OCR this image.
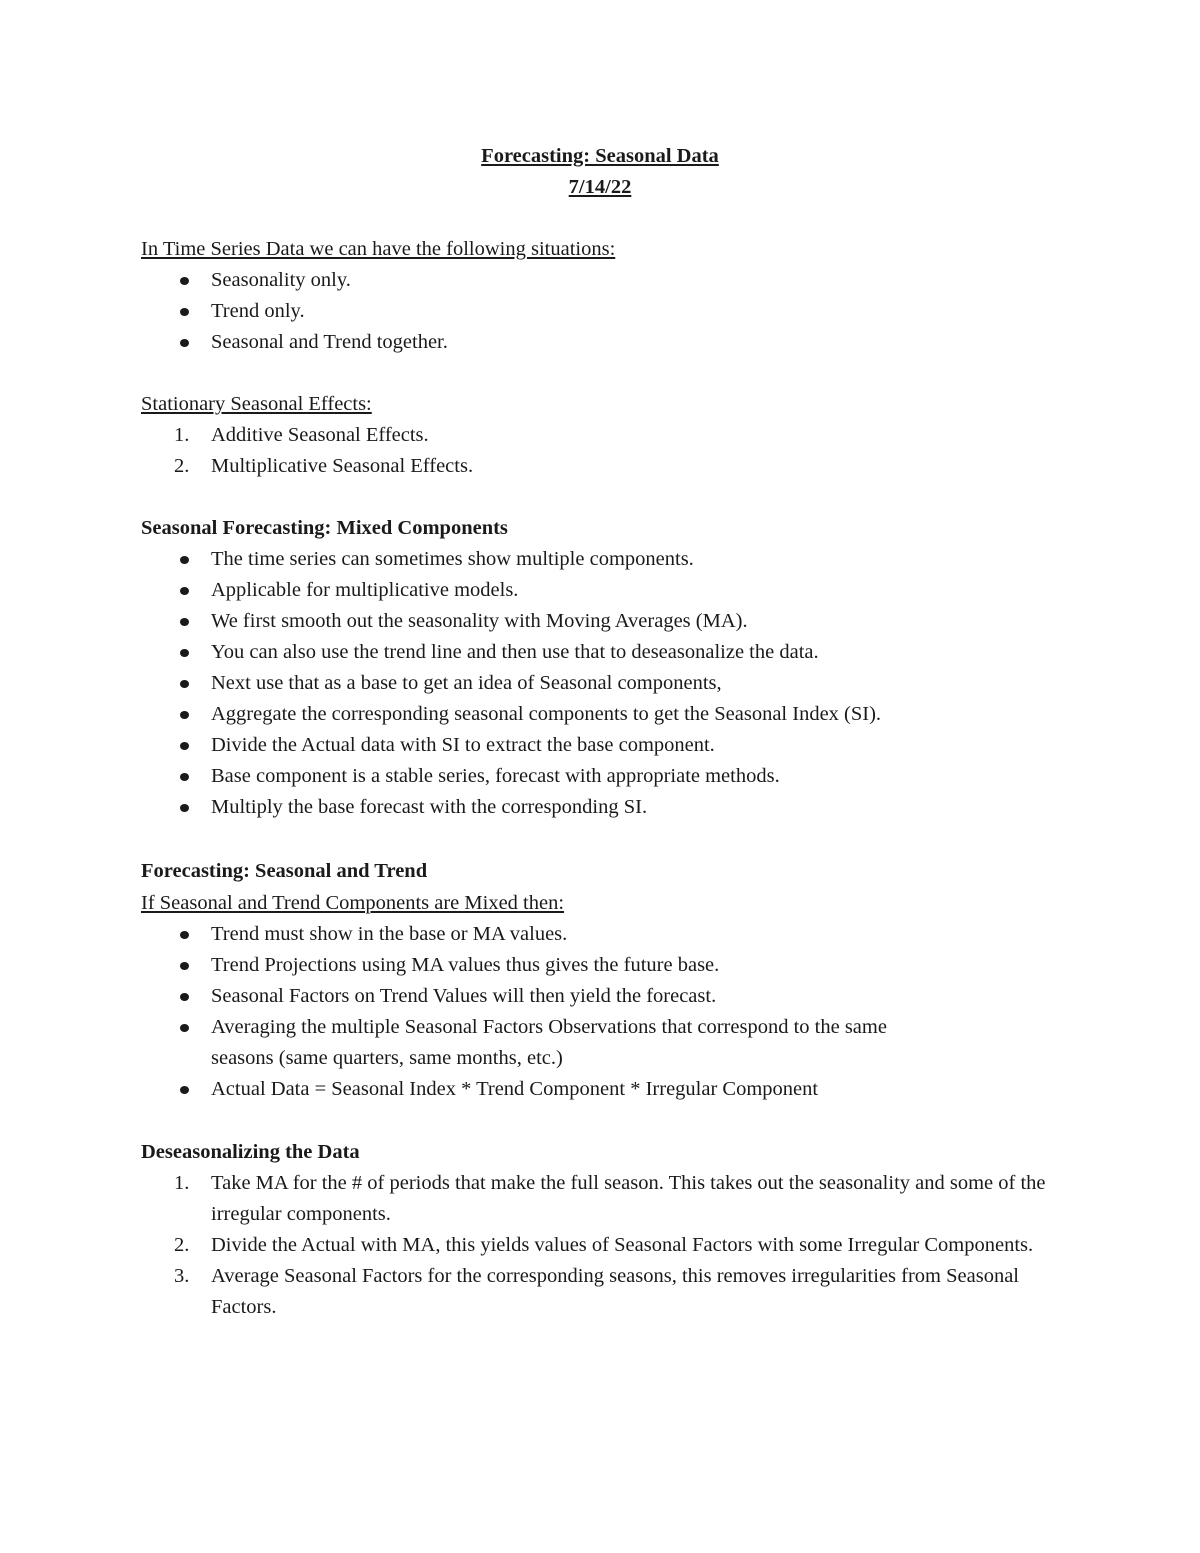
Forecasting: Seasonal Data
7/14/22
In Time Series Data we can have the following situations:
Seasonality only.
Trend only.
Seasonal and Trend together.
Stationary Seasonal Effects:
1. Additive Seasonal Effects.
2. Multiplicative Seasonal Effects.
Seasonal Forecasting: Mixed Components
The time series can sometimes show multiple components.
Applicable for multiplicative models.
We first smooth out the seasonality with Moving Averages (MA).
You can also use the trend line and then use that to deseasonalize the data.
Next use that as a base to get an idea of Seasonal components,
Aggregate the corresponding seasonal components to get the Seasonal Index (SI).
Divide the Actual data with SI to extract the base component.
Base component is a stable series, forecast with appropriate methods.
Multiply the base forecast with the corresponding SI.
Forecasting: Seasonal and Trend
If Seasonal and Trend Components are Mixed then:
Trend must show in the base or MA values.
Trend Projections using MA values thus gives the future base.
Seasonal Factors on Trend Values will then yield the forecast.
Averaging the multiple Seasonal Factors Observations that correspond to the same seasons (same quarters, same months, etc.)
Actual Data = Seasonal Index * Trend Component * Irregular Component
Deseasonalizing the Data
1. Take MA for the # of periods that make the full season. This takes out the seasonality and some of the irregular components.
2. Divide the Actual with MA, this yields values of Seasonal Factors with some Irregular Components.
3. Average Seasonal Factors for the corresponding seasons, this removes irregularities from Seasonal Factors.
